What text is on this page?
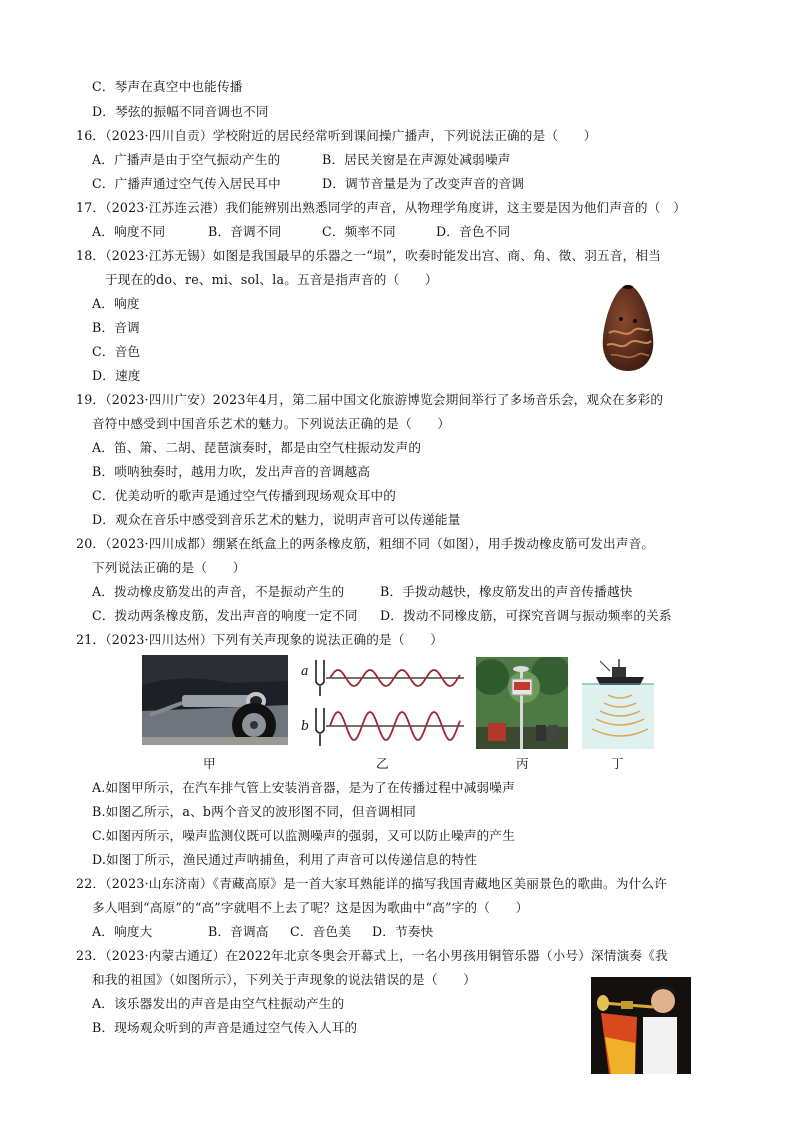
C．琴声在真空中也能传播
D．琴弦的振幅不同音调也不同
16．（2023·四川自贡）学校附近的居民经常听到课间操广播声，下列说法正确的是（　　）
A．广播声是由于空气振动产生的	B．居民关窗是在声源处减弱噪声
C．广播声通过空气传入居民耳中	D．调节音量是为了改变声音的音调
17．（2023·江苏连云港）我们能辨别出熟悉同学的声音，从物理学角度讲，这主要是因为他们声音的（　）
A．响度不同	B．音调不同	C．频率不同	D．音色不同
18．（2023·江苏无锡）如图是我国最早的乐器之一“埙”，吹奏时能发出宫、商、角、徵、羽五音，相当
于现在的do、re、mi、sol、la。五音是指声音的（　　）
A．响度
B．音调
C．音色
D．速度
19．（2023·四川广安）2023年4月，第二届中国文化旅游博览会期间举行了多场音乐会，观众在多彩的
音符中感受到中国音乐艺术的魅力。下列说法正确的是（　　）
A．笛、箫、二胡、琵琶演奏时，都是由空气柱振动发声的
B．唢呐独奏时，越用力吹，发出声音的音调越高
C．优美动听的歌声是通过空气传播到现场观众耳中的
D．观众在音乐中感受到音乐艺术的魅力，说明声音可以传递能量
20．（2023·四川成都）绷紧在纸盒上的两条橡皮筋，粗细不同（如图），用手拨动橡皮筋可发出声音。
下列说法正确的是（　　）
A．拨动橡皮筋发出的声音，不是振动产生的	B．手拨动越快，橡皮筋发出的声音传播越快
C．拨动两条橡皮筋，发出声音的响度一定不同 D．拨动不同橡皮筋，可探究音调与振动频率的关系
21．（2023·四川达州）下列有关声现象的说法正确的是（　　）
a
b
甲	乙	丙	丁
A.如图甲所示，在汽车排气管上安装消音器，是为了在传播过程中减弱噪声
B.如图乙所示，a、b两个音叉的波形图不同，但音调相同
C.如图丙所示，噪声监测仪既可以监测噪声的强弱，又可以防止噪声的产生
D.如图丁所示，渔民通过声呐捕鱼，利用了声音可以传递信息的特性
22．（2023·山东济南）《青藏高原》是一首大家耳熟能详的描写我国青藏地区美丽景色的歌曲。为什么许
多人唱到“高原”的“高”字就唱不上去了呢？这是因为歌曲中“高”字的（　　）
A．响度大	B．音调高 C．音色美 D．节奏快
23．（2023·内蒙古通辽）在2022年北京冬奥会开幕式上，一名小男孩用铜管乐器（小号）深情演奏《我
和我的祖国》（如图所示），下列关于声现象的说法错误的是（　　）
A．该乐器发出的声音是由空气柱振动产生的
B．现场观众听到的声音是通过空气传入人耳的
